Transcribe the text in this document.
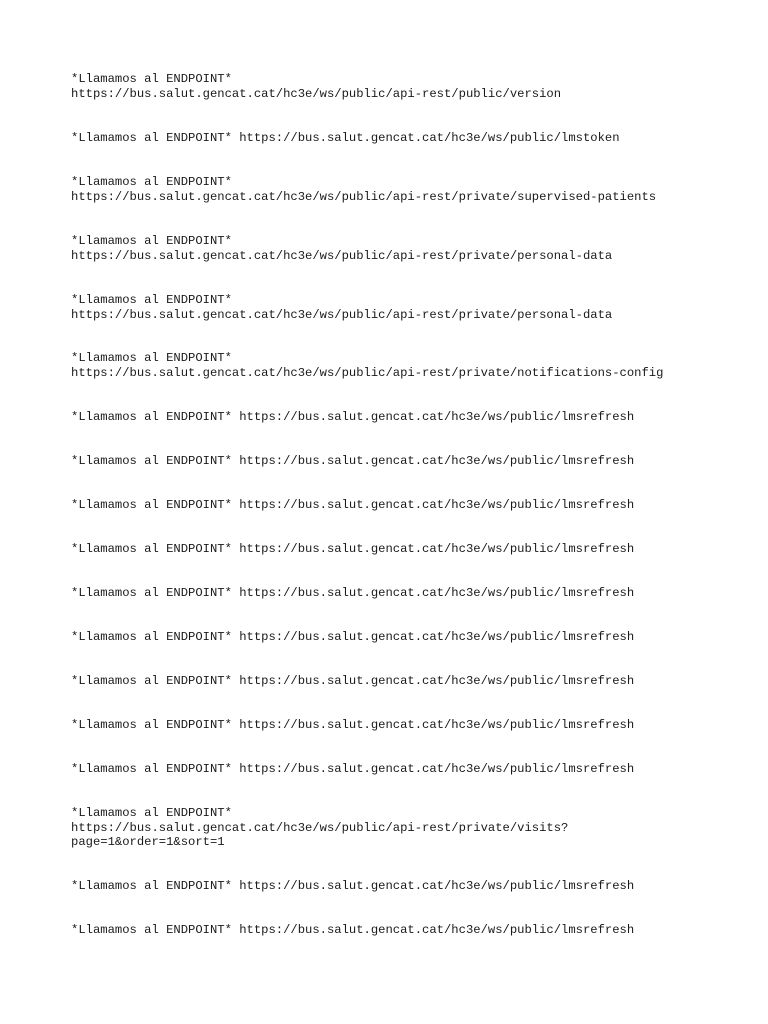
*Llamamos al ENDPOINT*
https://bus.salut.gencat.cat/hc3e/ws/public/api-rest/public/version
*Llamamos al ENDPOINT* https://bus.salut.gencat.cat/hc3e/ws/public/lmstoken
*Llamamos al ENDPOINT*
https://bus.salut.gencat.cat/hc3e/ws/public/api-rest/private/supervised-patients
*Llamamos al ENDPOINT*
https://bus.salut.gencat.cat/hc3e/ws/public/api-rest/private/personal-data
*Llamamos al ENDPOINT*
https://bus.salut.gencat.cat/hc3e/ws/public/api-rest/private/personal-data
*Llamamos al ENDPOINT*
https://bus.salut.gencat.cat/hc3e/ws/public/api-rest/private/notifications-config
*Llamamos al ENDPOINT* https://bus.salut.gencat.cat/hc3e/ws/public/lmsrefresh
*Llamamos al ENDPOINT* https://bus.salut.gencat.cat/hc3e/ws/public/lmsrefresh
*Llamamos al ENDPOINT* https://bus.salut.gencat.cat/hc3e/ws/public/lmsrefresh
*Llamamos al ENDPOINT* https://bus.salut.gencat.cat/hc3e/ws/public/lmsrefresh
*Llamamos al ENDPOINT* https://bus.salut.gencat.cat/hc3e/ws/public/lmsrefresh
*Llamamos al ENDPOINT* https://bus.salut.gencat.cat/hc3e/ws/public/lmsrefresh
*Llamamos al ENDPOINT* https://bus.salut.gencat.cat/hc3e/ws/public/lmsrefresh
*Llamamos al ENDPOINT* https://bus.salut.gencat.cat/hc3e/ws/public/lmsrefresh
*Llamamos al ENDPOINT* https://bus.salut.gencat.cat/hc3e/ws/public/lmsrefresh
*Llamamos al ENDPOINT*
https://bus.salut.gencat.cat/hc3e/ws/public/api-rest/private/visits?
page=1&order=1&sort=1
*Llamamos al ENDPOINT* https://bus.salut.gencat.cat/hc3e/ws/public/lmsrefresh
*Llamamos al ENDPOINT* https://bus.salut.gencat.cat/hc3e/ws/public/lmsrefresh
